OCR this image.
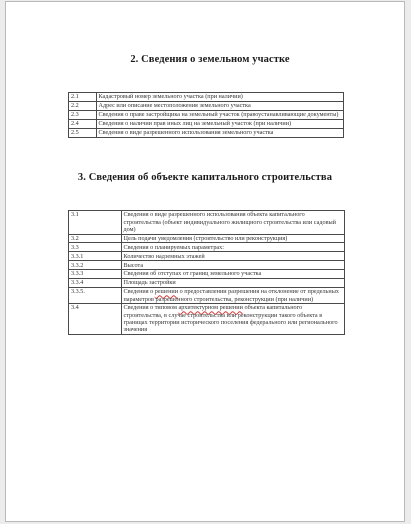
2. Сведения о земельном участке
2.1	Кадастровый номер земельного участка (при наличии)
2.2	Адрес или описание местоположения земельного участка
2.3	Сведения о праве застройщика на земельный участок (правоустанавливающие документы)
2.4	Сведения о наличии прав иных лиц на земельный участок (при наличии)
2.5	Сведения о виде разрешенного использования земельного участка
3. Сведения об объекте капитального строительства
3.1	Сведения о виде разрешенного использования объекта капитального строительства (объект индивидуального жилищного строительства или садовый дом)
3.2	Цель подачи уведомления (строительство или реконструкция)
3.3	Сведения о планируемых параметрах:
3.3.1	Количество надземных этажей
3.3.2	Высота
3.3.3	Сведения об отступах от границ земельного участка
3.3.4	Площадь застройки
3.3.5.	Сведения о решении о предоставлении разрешения на отклонение от предельных параметров разрешенного строительства, реконструкции (при наличии)
3.4	Сведения о типовом архитектурном решении объекта капитального строительства, в случае строительства или реконструкции такого объекта в границах территории исторического поселения федерального или регионального значения
